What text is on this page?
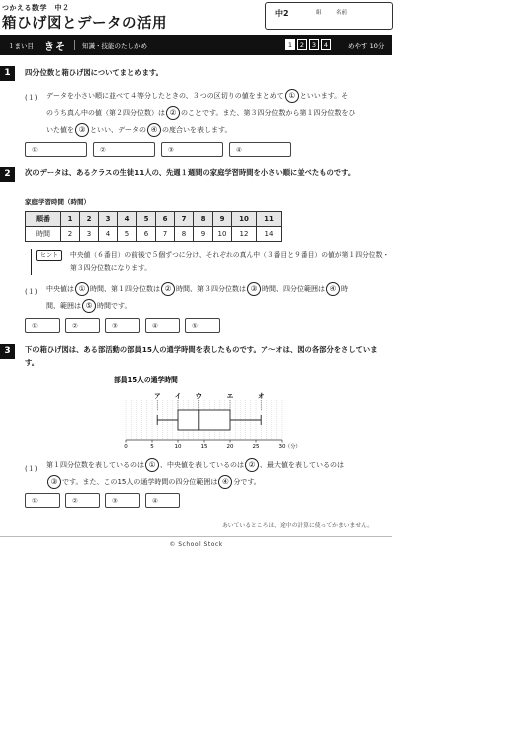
つかえる数学　中２
箱ひげ図とデータの活用
中2	組	名前
１まい目 きそ 知識・技能のたしかめ	1	2	3	4	めやす 10分
1	四分位数と箱ひげ図についてまとめます。
(１) データを小さい順に並べて４等分したときの、３つの区切りの値をまとめて ① といいます。そ
のうち真ん中の値（第２四分位数）は ② のことです。また、第３四分位数から第１四分位数をひ
いた値を ③ といい、データの ④ の度合いを表します。
①	②	③	④
2	次のデータは、あるクラスの生徒11人の、先週１週間の家庭学習時間を小さい順に並べたものです。
家庭学習時間（時間）
順番	1	2	3	4	5	6	7	8	9	10	11
時間	2	3	4	5	6	7	8	9	10	12	14
ヒント	中央値（６番目）の前後で５個ずつに分け、それぞれの真ん中（３番目と９番目）の値が第１四分位数・第３四分位数になります。
(１) 中央値は ① 時間、第１四分位数は ② 時間、第３四分位数は ③ 時間、四分位範囲は ④ 時
間、範囲は ⑤ 時間です。
①	②	③	④	⑤
3	下の箱ひげ図は、ある部活動の部員15人の通学時間を表したものです。ア～オは、図の各部分をさしています。
部員15人の通学時間
0	5	10	15	20	25	30 （分）
ア イ ウ	エ	オ
(１) 第１四分位数を表しているのは ① 、中央値を表しているのは ② 、最大値を表しているのは
③ です。また、この15人の通学時間の四分位範囲は ④ 分です。
①	②	③	④
あいているところは、途中の計算に使ってかまいません。
© School Stock
